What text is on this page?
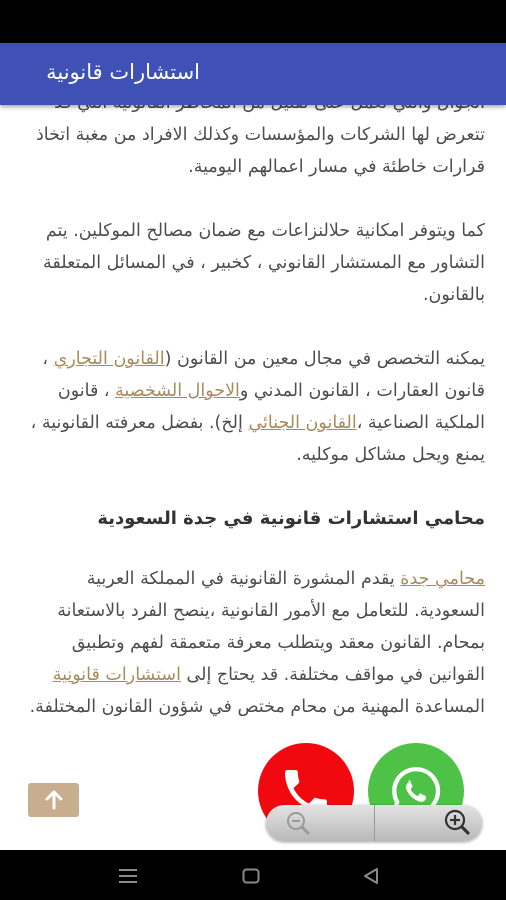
استشارات قانونية

تتعرض لها الشركات والمؤسسات وكذلك الافراد من مغبة اتخاذ قرارات خاطئة في مسار اعمالهم اليومية.

كما ويتوفر امكانية حلالنزاعات مع ضمان مصالح الموكلين. يتم التشاور مع المستشار القانوني ، كخبير ، في المسائل المتعلقة بالقانون.

يمكنه التخصص في مجال معين من القانون (القانون التجاري ، قانون العقارات ، القانون المدني والاحوال الشخصية ، قانون الملكية الصناعية ،القانون الجنائي إلخ). بفضل معرفته القانونية ، يمنع ويحل مشاكل موكليه.

محامي استشارات قانونية في جدة السعودية

محامي جدة يقدم المشورة القانونية في المملكة العربية السعودية. للتعامل مع الأمور القانونية ،ينصح الفرد بالاستعانة بمحام. القانون معقد ويتطلب معرفة متعمقة لفهم وتطبيق القوانين في مواقف مختلفة. قد يحتاج إلى استشارات قانونية المساعدة المهنية من محام مختص في شؤون القانون المختلفة.
